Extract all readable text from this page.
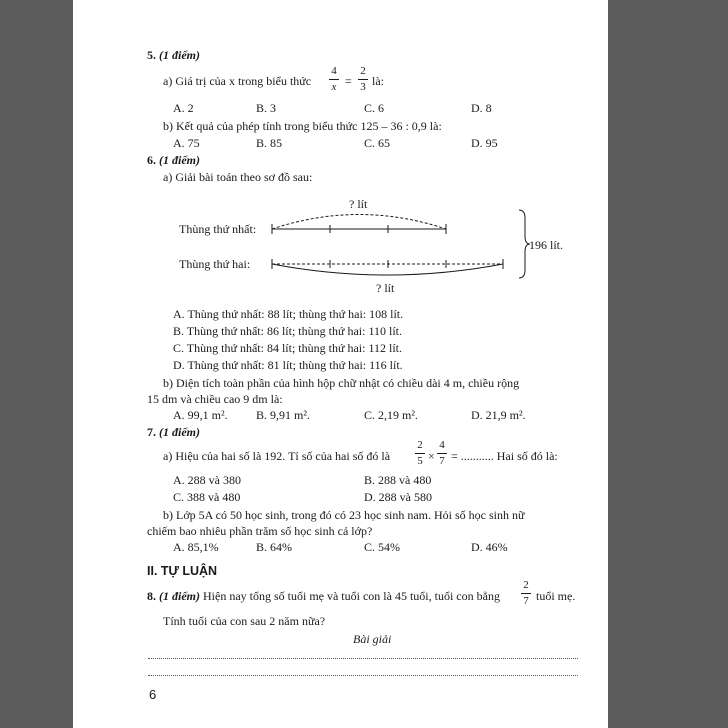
5. (1 điểm)
a) Giá trị của x trong biểu thức
4
x =
2
3 là:
A. 2	B. 3	C. 6	D. 8
b) Kết quả của phép tính trong biểu thức 125 – 36 : 0,9 là:
A. 75	B. 85	C. 65	D. 95
6. (1 điểm)
a) Giải bài toán theo sơ đồ sau:
? lít
Thùng thứ nhất:
Thùng thứ hai:
196 lít.
? lít
A. Thùng thứ nhất: 88 lít; thùng thứ hai: 108 lít.
B. Thùng thứ nhất: 86 lít; thùng thứ hai: 110 lít.
C. Thùng thứ nhất: 84 lít; thùng thứ hai: 112 lít.
D. Thùng thứ nhất: 81 lít; thùng thứ hai: 116 lít.
b) Diện tích toàn phần của hình hộp chữ nhật có chiều dài 4 m, chiều rộng
15 dm và chiều cao 9 dm là:
A. 99,1 m². B. 9,91 m².	C. 2,19 m².	D. 21,9 m².
7. (1 điểm)
a) Hiệu của hai số là 192. Tỉ số của hai số đó là
2
5 ×
4
7 = ........... Hai số đó là:
A. 288 và 380	B. 288 và 480
C. 388 và 480	D. 288 và 580
b) Lớp 5A có 50 học sinh, trong đó có 23 học sinh nam. Hỏi số học sinh nữ
chiếm bao nhiêu phần trăm số học sinh cả lớp?
A. 85,1%	B. 64%	C. 54%	D. 46%
II. TỰ LUẬN
8. (1 điểm) Hiện nay tổng số tuổi mẹ và tuổi con là 45 tuổi, tuổi con bằng
2
7 tuổi mẹ.
Tính tuổi của con sau 2 năm nữa?
Bài giải
6
